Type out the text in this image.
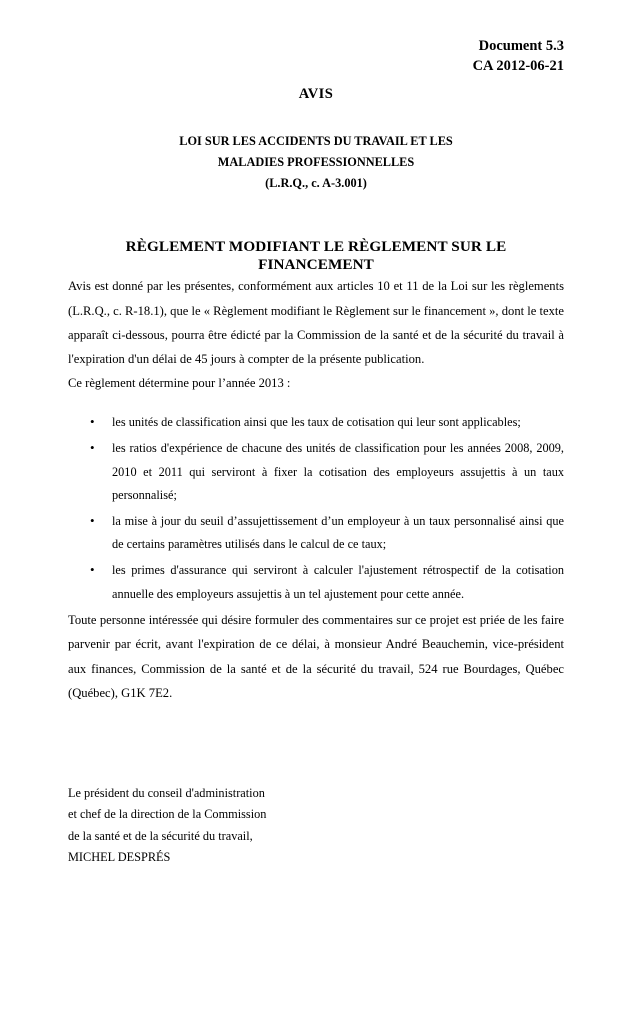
Document 5.3
CA 2012-06-21
AVIS
LOI SUR LES ACCIDENTS DU TRAVAIL ET LES
MALADIES PROFESSIONNELLES
(L.R.Q., c. A-3.001)
RÈGLEMENT MODIFIANT LE RÈGLEMENT SUR LE FINANCEMENT

Avis est donné par les présentes, conformément aux articles 10 et 11 de la Loi sur les règlements (L.R.Q., c. R-18.1), que le « Règlement modifiant le Règlement sur le financement », dont le texte apparaît ci-dessous, pourra être édicté par la Commission de la santé et de la sécurité du travail à l'expiration d'un délai de 45 jours à compter de la présente publication.

Ce règlement détermine pour l’année 2013 :

• les unités de classification ainsi que les taux de cotisation qui leur sont applicables;
• les ratios d'expérience de chacune des unités de classification pour les années 2008, 2009, 2010 et 2011 qui serviront à fixer la cotisation des employeurs assujettis à un taux personnalisé;
• la mise à jour du seuil d’assujettissement d’un employeur à un taux personnalisé ainsi que de certains paramètres utilisés dans le calcul de ce taux;
• les primes d'assurance qui serviront à calculer l'ajustement rétrospectif de la cotisation annuelle des employeurs assujettis à un tel ajustement pour cette année.

Toute personne intéressée qui désire formuler des commentaires sur ce projet est priée de les faire parvenir par écrit, avant l'expiration de ce délai, à monsieur André Beauchemin, vice-président aux finances, Commission de la santé et de la sécurité du travail, 524 rue Bourdages, Québec (Québec), G1K 7E2.

Le président du conseil d'administration
et chef de la direction de la Commission
de la santé et de la sécurité du travail,
MICHEL DESPRÉS
